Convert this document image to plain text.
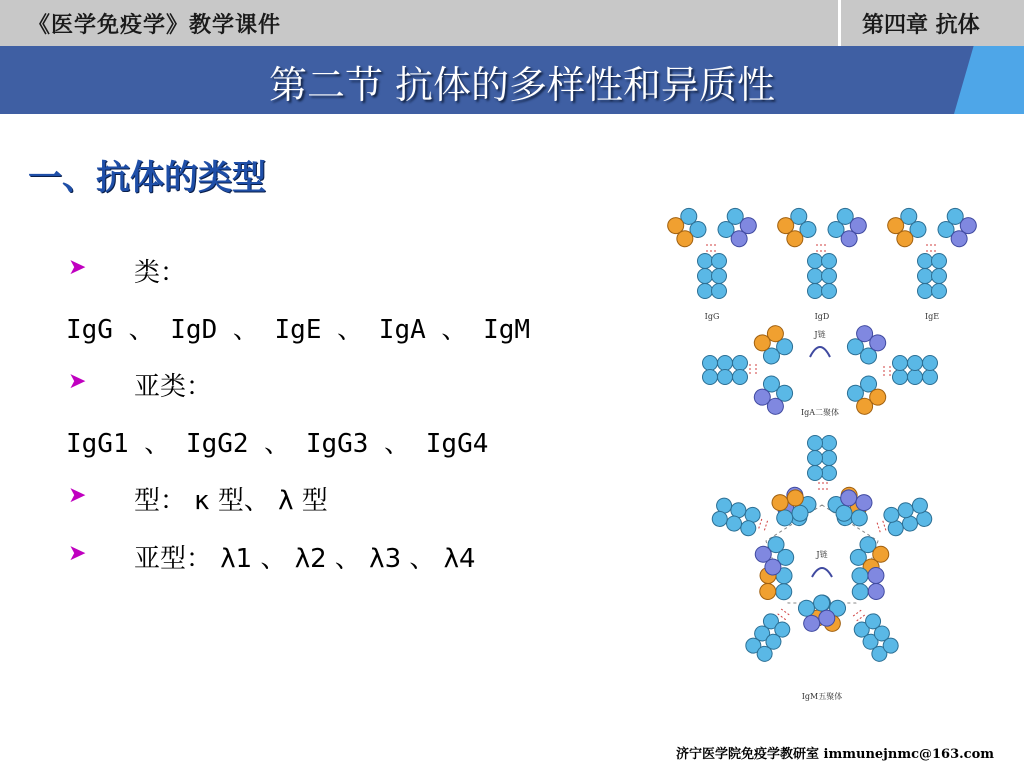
《医学免疫学》教学课件	第四章 抗体
第二节 抗体的多样性和异质性
一、抗体的类型
➤ 类：
IgG 、 IgD 、 IgE 、 IgA 、 IgM
➤ 亚类：
IgG1 、 IgG2 、 IgG3 、 IgG4
➤ 型： κ 型、 λ 型
➤ 亚型： λ1 、 λ2 、 λ3 、 λ4
IgG	IgD	IgE
J链
IgA二聚体
J链
IgM五聚体
济宁医学院免疫学教研室 immunejnmc@163.com
